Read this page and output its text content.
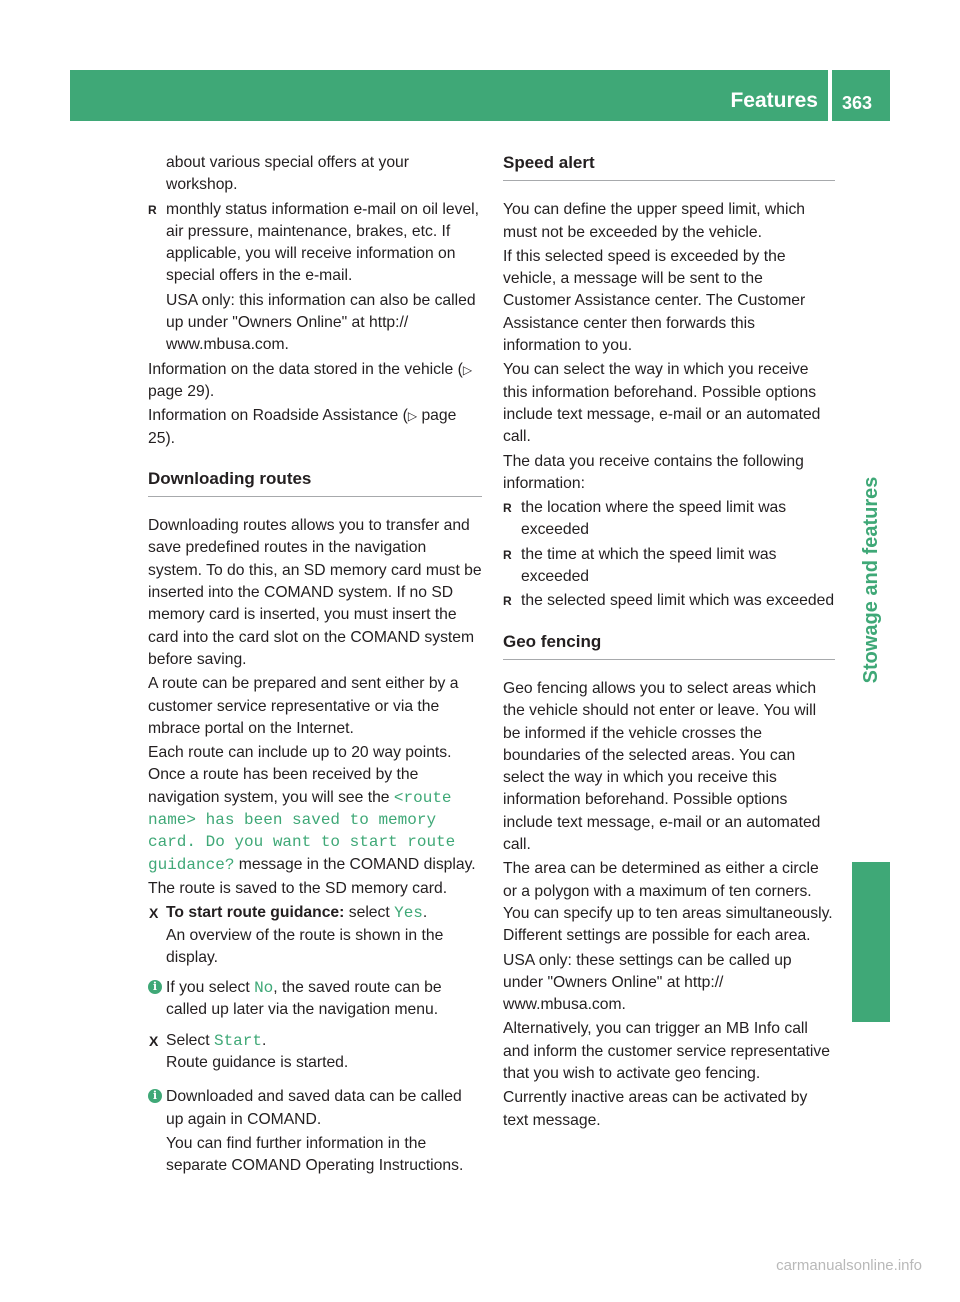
Features 363
Stowage and features

about various special offers at your workshop.

R monthly status information e-mail on oil level, air pressure, maintenance, brakes, etc. If applicable, you will receive information on special offers in the e-mail.

USA only: this information can also be called up under "Owners Online" at http:// www.mbusa.com.

Information on the data stored in the vehicle (▷ page 29).

Information on Roadside Assistance (▷ page 25).

Downloading routes

Downloading routes allows you to transfer and save predefined routes in the navigation system. To do this, an SD memory card must be inserted into the COMAND system. If no SD memory card is inserted, you must insert the card into the card slot on the COMAND system before saving.

A route can be prepared and sent either by a customer service representative or via the mbrace portal on the Internet.

Each route can include up to 20 way points. Once a route has been received by the navigation system, you will see the <route name> has been saved to memory card. Do you want to start route guidance? message in the COMAND display.

The route is saved to the SD memory card.

X To start route guidance: select Yes.
An overview of the route is shown in the display.
i If you select No, the saved route can be called up later via the navigation menu.
X Select Start.
Route guidance is started.
i Downloaded and saved data can be called up again in COMAND.
You can find further information in the separate COMAND Operating Instructions.
Speed alert

You can define the upper speed limit, which must not be exceeded by the vehicle.

If this selected speed is exceeded by the vehicle, a message will be sent to the Customer Assistance center. The Customer Assistance center then forwards this information to you.

You can select the way in which you receive this information beforehand. Possible options include text message, e-mail or an automated call.

The data you receive contains the following information:

R the location where the speed limit was exceeded
R the time at which the speed limit was exceeded
R the selected speed limit which was exceeded
Geo fencing

Geo fencing allows you to select areas which the vehicle should not enter or leave. You will be informed if the vehicle crosses the boundaries of the selected areas. You can select the way in which you receive this information beforehand. Possible options include text message, e-mail or an automated call.

The area can be determined as either a circle or a polygon with a maximum of ten corners. You can specify up to ten areas simultaneously. Different settings are possible for each area.

USA only: these settings can be called up under "Owners Online" at http:// www.mbusa.com.

Alternatively, you can trigger an MB Info call and inform the customer service representative that you wish to activate geo fencing.

Currently inactive areas can be activated by text message.

carmanualsonline.info
